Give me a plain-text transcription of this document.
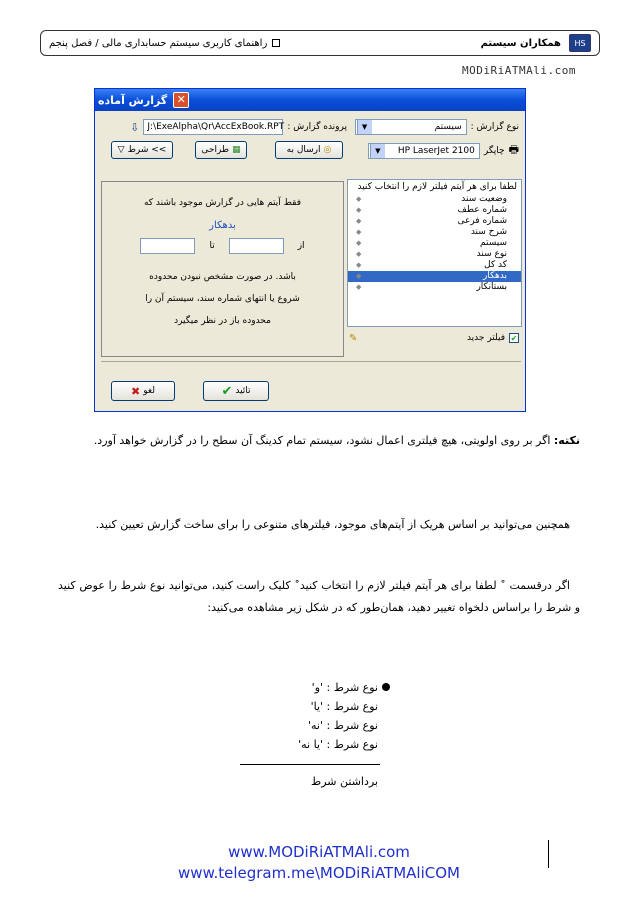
HS
همکاران سیستم
راهنمای کاربری سیستم حسابداری مالی / فصل پنجم
MODiRiATMAli.com
✕
گزارش آماده
نوع گزارش :
سیستم
▼
پرونده گزارش :
J:\ExeAlpha\Qr\AccExBook.RPT
⇩
🖶
چاپگر
HP LaserJet 2100
▼
◎
ارسال به
▦
طراحی
>> شرط
▽
لطفا برای هر آیتم فیلتر لازم را انتخاب کنید
وضعیت سند
◆
شماره عطف
◆
شماره فرعی
◆
شرح سند
◆
سیستم
◆
نوع سند
◆
کد کل
◆
بدهکار
◆
بستانکار
◆

فقط آیتم هایی در گزارش موجود باشند که

بدهکار

از
تا

باشد. در صورت مشخص نبودن محدوده

شروع یا انتهای شماره سند، سیستم آن را

محدوده باز در نظر میگیرد

✔
فیلتر جدید
✎
تائید
✔
لغو
✖
نکته: اگر بر روی اولویتی، هیچ فیلتری اعمال نشود، سیستم تمام کدینگ آن سطح را در گزارش خواهد آورد.
همچنین می‌توانید بر اساس هریک از آیتم‌های موجود، فیلترهای متنوعی را برای ساخت گزارش تعیین کنید.
اگر درقسمت ˚ لطفا برای هر آیتم فیلتر لازم را انتخاب کنید˚ کلیک راست کنید، می‌توانید نوع شرط را عوض کنید و شرط را براساس دلخواه تغییر دهید، همان‌طور که در شکل زیر مشاهده می‌کنید:
نوع شرط : 'و'
نوع شرط : 'یا'
نوع شرط : 'نه'
نوع شرط : 'یا نه'
برداشتن شرط
www.MODiRiATMAli.com
www.telegram.me\MODiRiATMAliCOM
